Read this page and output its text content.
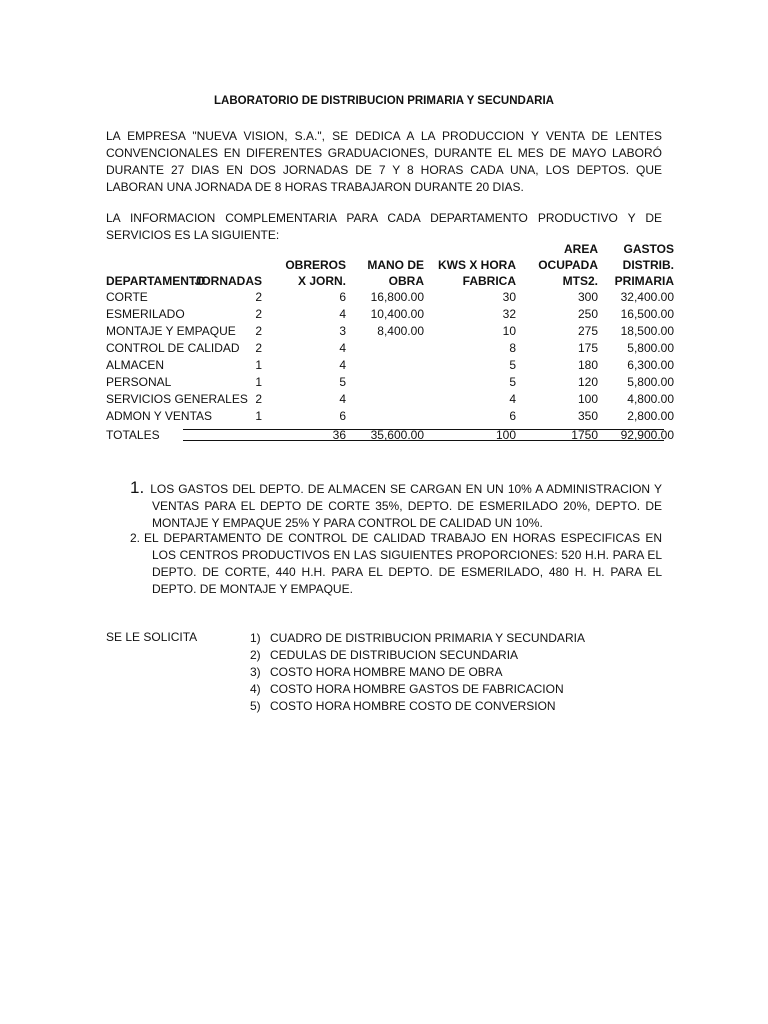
LABORATORIO DE DISTRIBUCION PRIMARIA Y SECUNDARIA

LA EMPRESA "NUEVA VISION, S.A.", SE DEDICA A LA PRODUCCION Y VENTA DE LENTES CONVENCIONALES EN DIFERENTES GRADUACIONES, DURANTE EL MES DE MAYO LABORÓ DURANTE 27 DIAS EN DOS JORNADAS DE 7 Y 8 HORAS CADA UNA, LOS DEPTOS. QUE LABORAN UNA JORNADA DE 8 HORAS TRABAJARON DURANTE 20 DIAS.

LA INFORMACION COMPLEMENTARIA PARA CADA DEPARTAMENTO PRODUCTIVO Y DE SERVICIOS ES LA SIGUIENTE:

					AREA	GASTOS
		OBREROS	MANO DE	KWS X HORA	OCUPADA	DISTRIB.
DEPARTAMENTO	JORNADAS	X JORN.	OBRA	FABRICA	MTS2.	PRIMARIA
CORTE	2	6	16,800.00	30	300	32,400.00
ESMERILADO	2	4	10,400.00	32	250	16,500.00
MONTAJE Y EMPAQUE	2	3	8,400.00	10	275	18,500.00
CONTROL DE CALIDAD	2	4		8	175	5,800.00
ALMACEN	1	4		5	180	6,300.00
PERSONAL	1	5		5	120	5,800.00
SERVICIOS GENERALES	2	4		4	100	4,800.00
ADMON Y VENTAS	1	6		6	350	2,800.00
TOTALES		36	35,600.00	100	1750	92,900.00
1. LOS GASTOS DEL DEPTO. DE ALMACEN SE CARGAN EN UN 10% A ADMINISTRACION Y VENTAS PARA EL DEPTO DE CORTE 35%, DEPTO. DE ESMERILADO 20%, DEPTO. DE MONTAJE Y EMPAQUE 25% Y PARA CONTROL DE CALIDAD UN 10%.
2. EL DEPARTAMENTO DE CONTROL DE CALIDAD TRABAJO EN HORAS ESPECIFICAS EN LOS CENTROS PRODUCTIVOS EN LAS SIGUIENTES PROPORCIONES: 520 H.H. PARA EL DEPTO. DE CORTE, 440 H.H. PARA EL DEPTO. DE ESMERILADO, 480 H. H. PARA EL DEPTO. DE MONTAJE Y EMPAQUE.
SE LE SOLICITA	1) CUADRO DE DISTRIBUCION PRIMARIA Y SECUNDARIA
2) CEDULAS DE DISTRIBUCION SECUNDARIA
3) COSTO HORA HOMBRE MANO DE OBRA
4) COSTO HORA HOMBRE GASTOS DE FABRICACION
5) COSTO HORA HOMBRE COSTO DE CONVERSION
